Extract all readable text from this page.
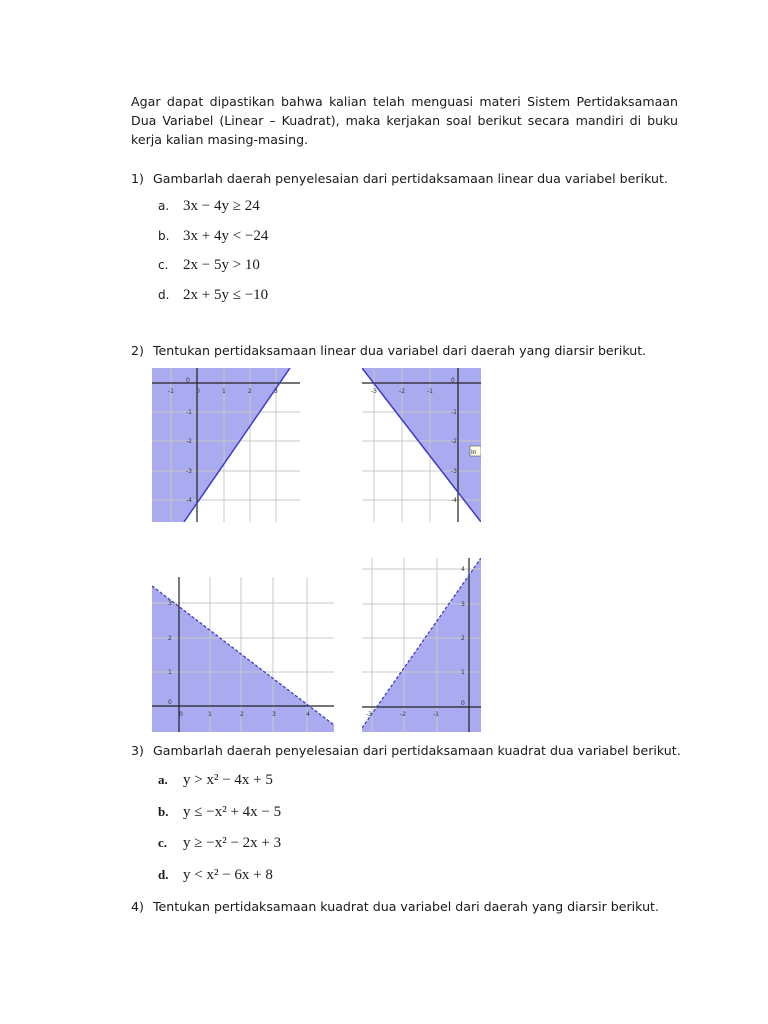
Agar dapat dipastikan bahwa kalian telah menguasi materi Sistem Pertidaksamaan Dua Variabel (Linear – Kuadrat), maka kerjakan soal berikut secara mandiri di buku kerja kalian masing-masing.
1) Gambarlah daerah penyelesaian dari pertidaksamaan linear dua variabel berikut.
a. 3x − 4y ≥ 24
b. 3x + 4y < −24
c. 2x − 5y > 10
d. 2x + 5y ≤ −10
2) Tentukan pertidaksamaan linear dua variabel dari daerah yang diarsir berikut.
-1	0	1	2	3
0
-1
-2
-3
-4
-3	-2	-1
0
-1
-2
-3
-4
In
0	1	2	3	4
3
2
1
0
-3	-2	-1
0
4
3
2
1
3) Gambarlah daerah penyelesaian dari pertidaksamaan kuadrat dua variabel berikut.
a. y > x² − 4x + 5
b. y ≤ −x² + 4x − 5
c. y ≥ −x² − 2x + 3
d. y < x² − 6x + 8
4) Tentukan pertidaksamaan kuadrat dua variabel dari daerah yang diarsir berikut.
